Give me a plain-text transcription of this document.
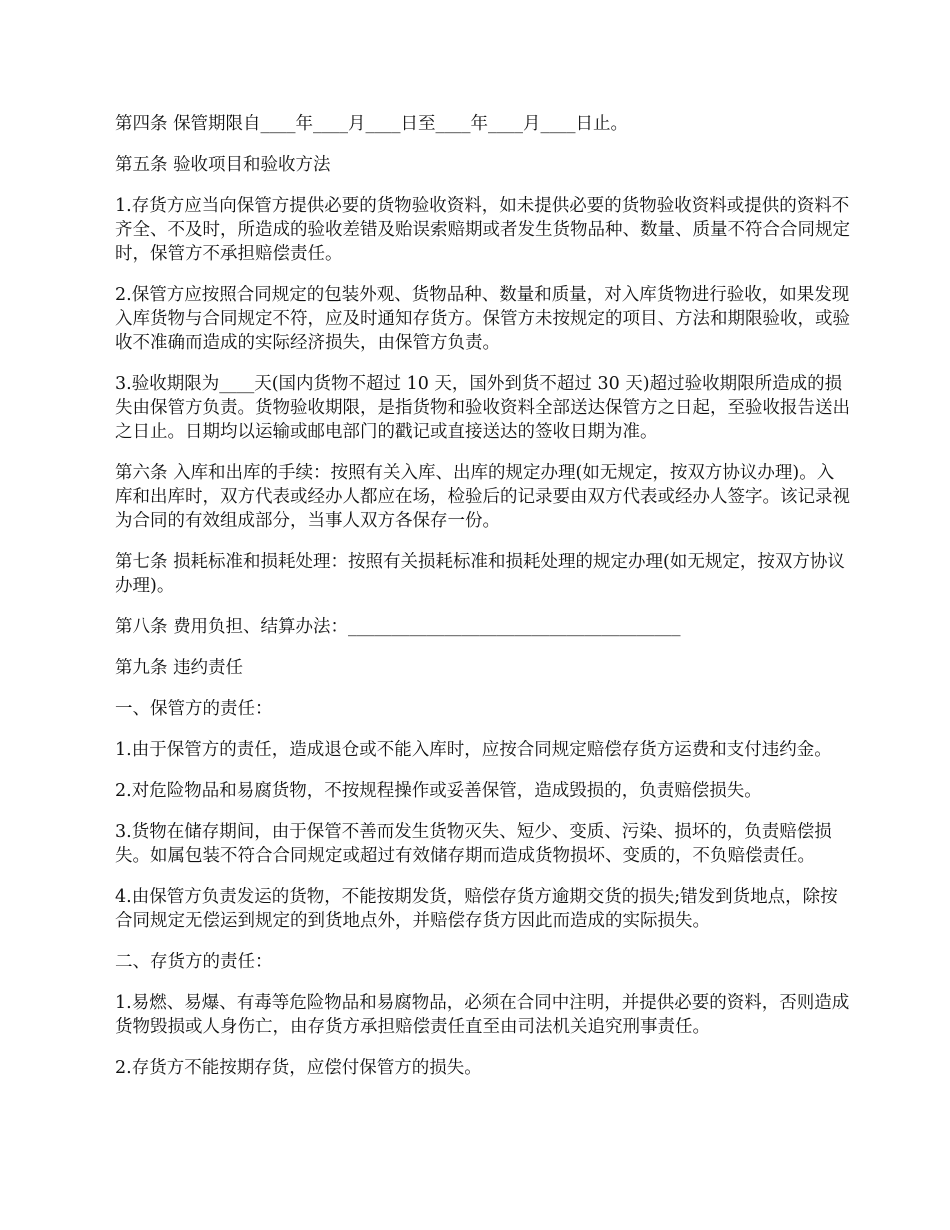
第四条 保管期限自____年____月____日至____年____月____日止。

第五条 验收项目和验收方法

1.存货方应当向保管方提供必要的货物验收资料，如未提供必要的货物验收资料或提供的资料不齐全、不及时，所造成的验收差错及贻误索赔期或者发生货物品种、数量、质量不符合合同规定时，保管方不承担赔偿责任。

2.保管方应按照合同规定的包装外观、货物品种、数量和质量，对入库货物进行验收，如果发现入库货物与合同规定不符，应及时通知存货方。保管方未按规定的项目、方法和期限验收，或验收不准确而造成的实际经济损失，由保管方负责。

3.验收期限为____天(国内货物不超过 10 天，国外到货不超过 30 天)超过验收期限所造成的损失由保管方负责。货物验收期限，是指货物和验收资料全部送达保管方之日起，至验收报告送出之日止。日期均以运输或邮电部门的戳记或直接送达的签收日期为准。

第六条 入库和出库的手续：按照有关入库、出库的规定办理(如无规定，按双方协议办理)。入库和出库时，双方代表或经办人都应在场，检验后的记录要由双方代表或经办人签字。该记录视为合同的有效组成部分，当事人双方各保存一份。

第七条 损耗标准和损耗处理：按照有关损耗标准和损耗处理的规定办理(如无规定，按双方协议办理)。

第八条 费用负担、结算办法：______________________________________

第九条 违约责任

一、保管方的责任：

1.由于保管方的责任，造成退仓或不能入库时，应按合同规定赔偿存货方运费和支付违约金。

2.对危险物品和易腐货物，不按规程操作或妥善保管，造成毁损的，负责赔偿损失。

3.货物在储存期间，由于保管不善而发生货物灭失、短少、变质、污染、损坏的，负责赔偿损失。如属包装不符合合同规定或超过有效储存期而造成货物损坏、变质的，不负赔偿责任。

4.由保管方负责发运的货物，不能按期发货，赔偿存货方逾期交货的损失;错发到货地点，除按合同规定无偿运到规定的到货地点外，并赔偿存货方因此而造成的实际损失。

二、存货方的责任：

1.易燃、易爆、有毒等危险物品和易腐物品，必须在合同中注明，并提供必要的资料，否则造成货物毁损或人身伤亡，由存货方承担赔偿责任直至由司法机关追究刑事责任。

2.存货方不能按期存货，应偿付保管方的损失。
